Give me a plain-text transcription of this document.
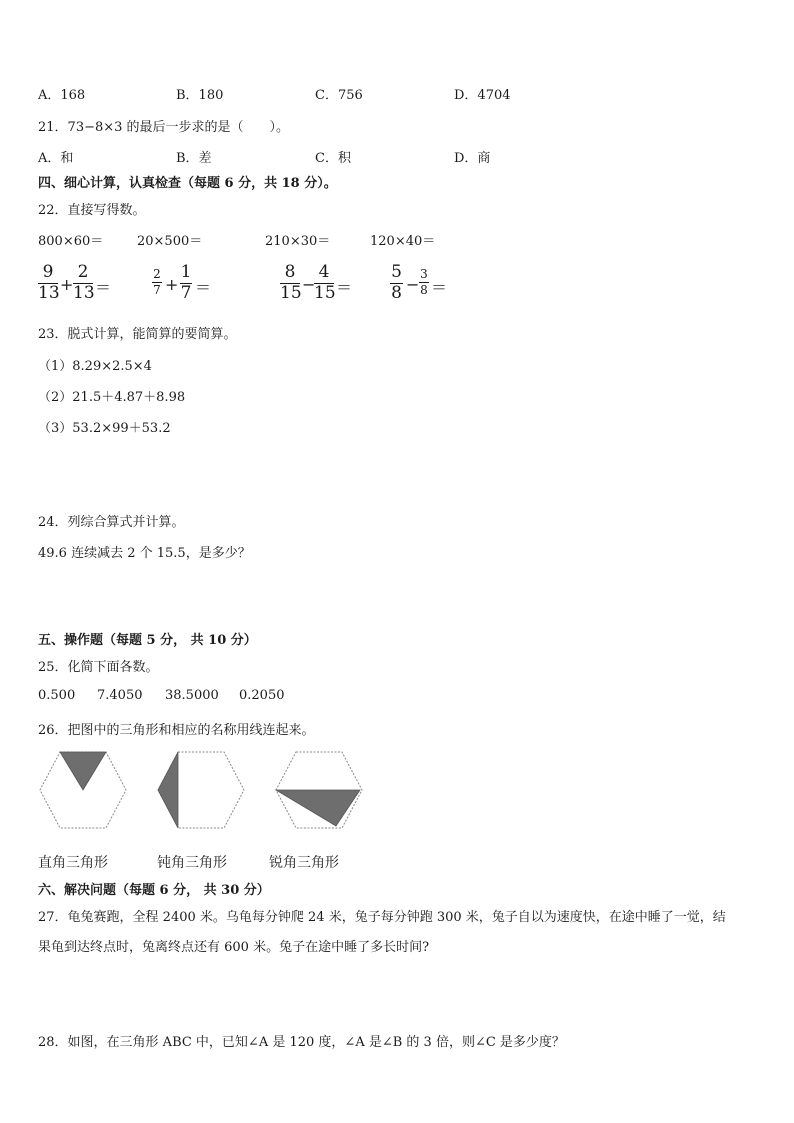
A．168	B．180	C．756	D．4704
21．73−8×3 的最后一步求的是（　　）。
A．和	B．差	C．积	D．商
四、细心计算，认真检查（每题 6 分，共 18 分）。
22．直接写得数。
800×60＝	20×500＝	210×30＝	120×40＝
9
13 +
2
13 ＝
2
7 +
1
7 ＝
8
15 −
4
15 ＝
5
8 −
3
8 ＝
23．脱式计算，能简算的要简算。
（1）8.29×2.5×4
（2）21.5＋4.87＋8.98
（3）53.2×99＋53.2
24．列综合算式并计算。
49.6 连续减去 2 个 15.5，是多少？
五、操作题（每题 5 分， 共 10 分）
25．化简下面各数。
0.500 7.4050 38.5000 0.2050
26．把图中的三角形和相应的名称用线连起来。
直角三角形	钝角三角形	锐角三角形
六、解决问题（每题 6 分， 共 30 分）
27．龟兔赛跑，全程 2400 米。乌龟每分钟爬 24 米，兔子每分钟跑 300 米，兔子自以为速度快，在途中睡了一觉，结
果龟到达终点时，兔离终点还有 600 米。兔子在途中睡了多长时间?
28．如图，在三角形 ABC 中，已知∠A 是 120 度，∠A 是∠B 的 3 倍，则∠C 是多少度？
